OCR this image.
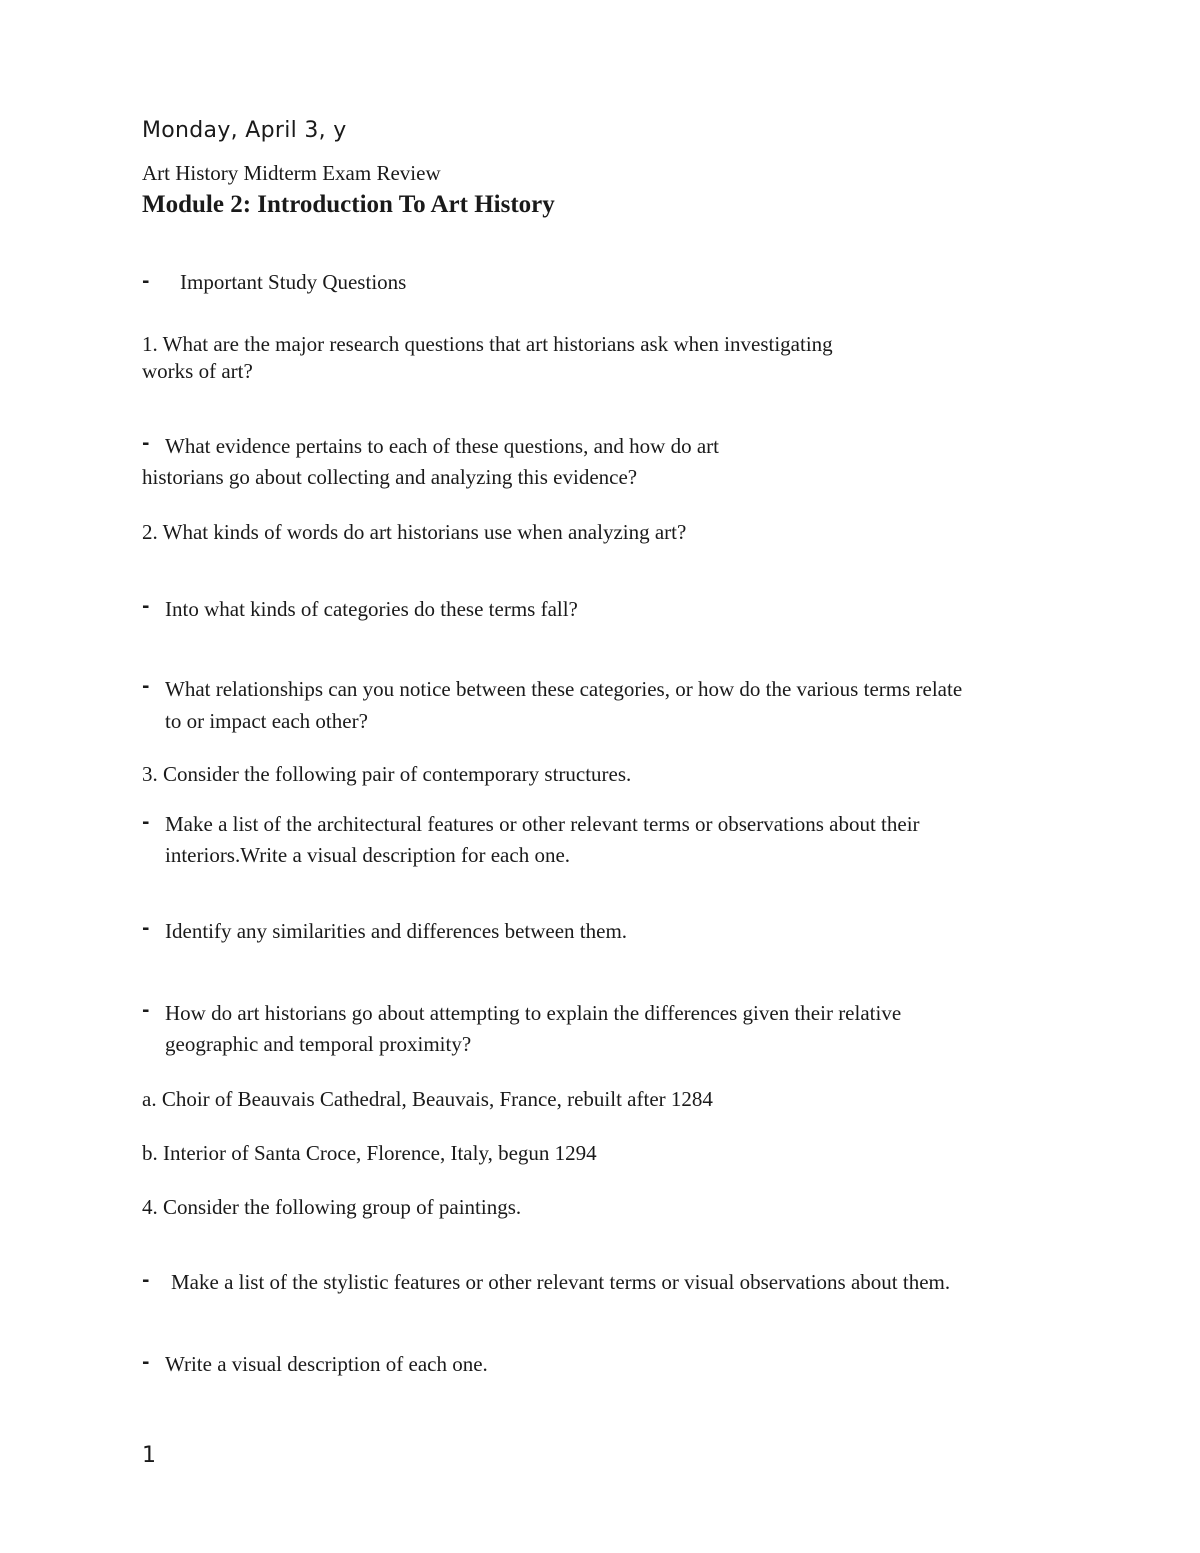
Monday, April 3, y
Art History Midterm Exam Review
Module 2: Introduction To Art History
- Important Study Questions
1. What are the major research questions that art historians ask when investigating
works of art?
- What evidence pertains to each of these questions, and how do art
historians go about collecting and analyzing this evidence?
2. What kinds of words do art historians use when analyzing art?
- Into what kinds of categories do these terms fall?
- What relationships can you notice between these categories, or how do the various terms relate
to or impact each other?
3. Consider the following pair of contemporary structures.
- Make a list of the architectural features or other relevant terms or observations about their
interiors.Write a visual description for each one.
- Identify any similarities and differences between them.
- How do art historians go about attempting to explain the differences given their relative
geographic and temporal proximity?
a. Choir of Beauvais Cathedral, Beauvais, France, rebuilt after 1284
b. Interior of Santa Croce, Florence, Italy, begun 1294
4. Consider the following group of paintings.
- Make a list of the stylistic features or other relevant terms or visual observations about them.
- Write a visual description of each one.
1
